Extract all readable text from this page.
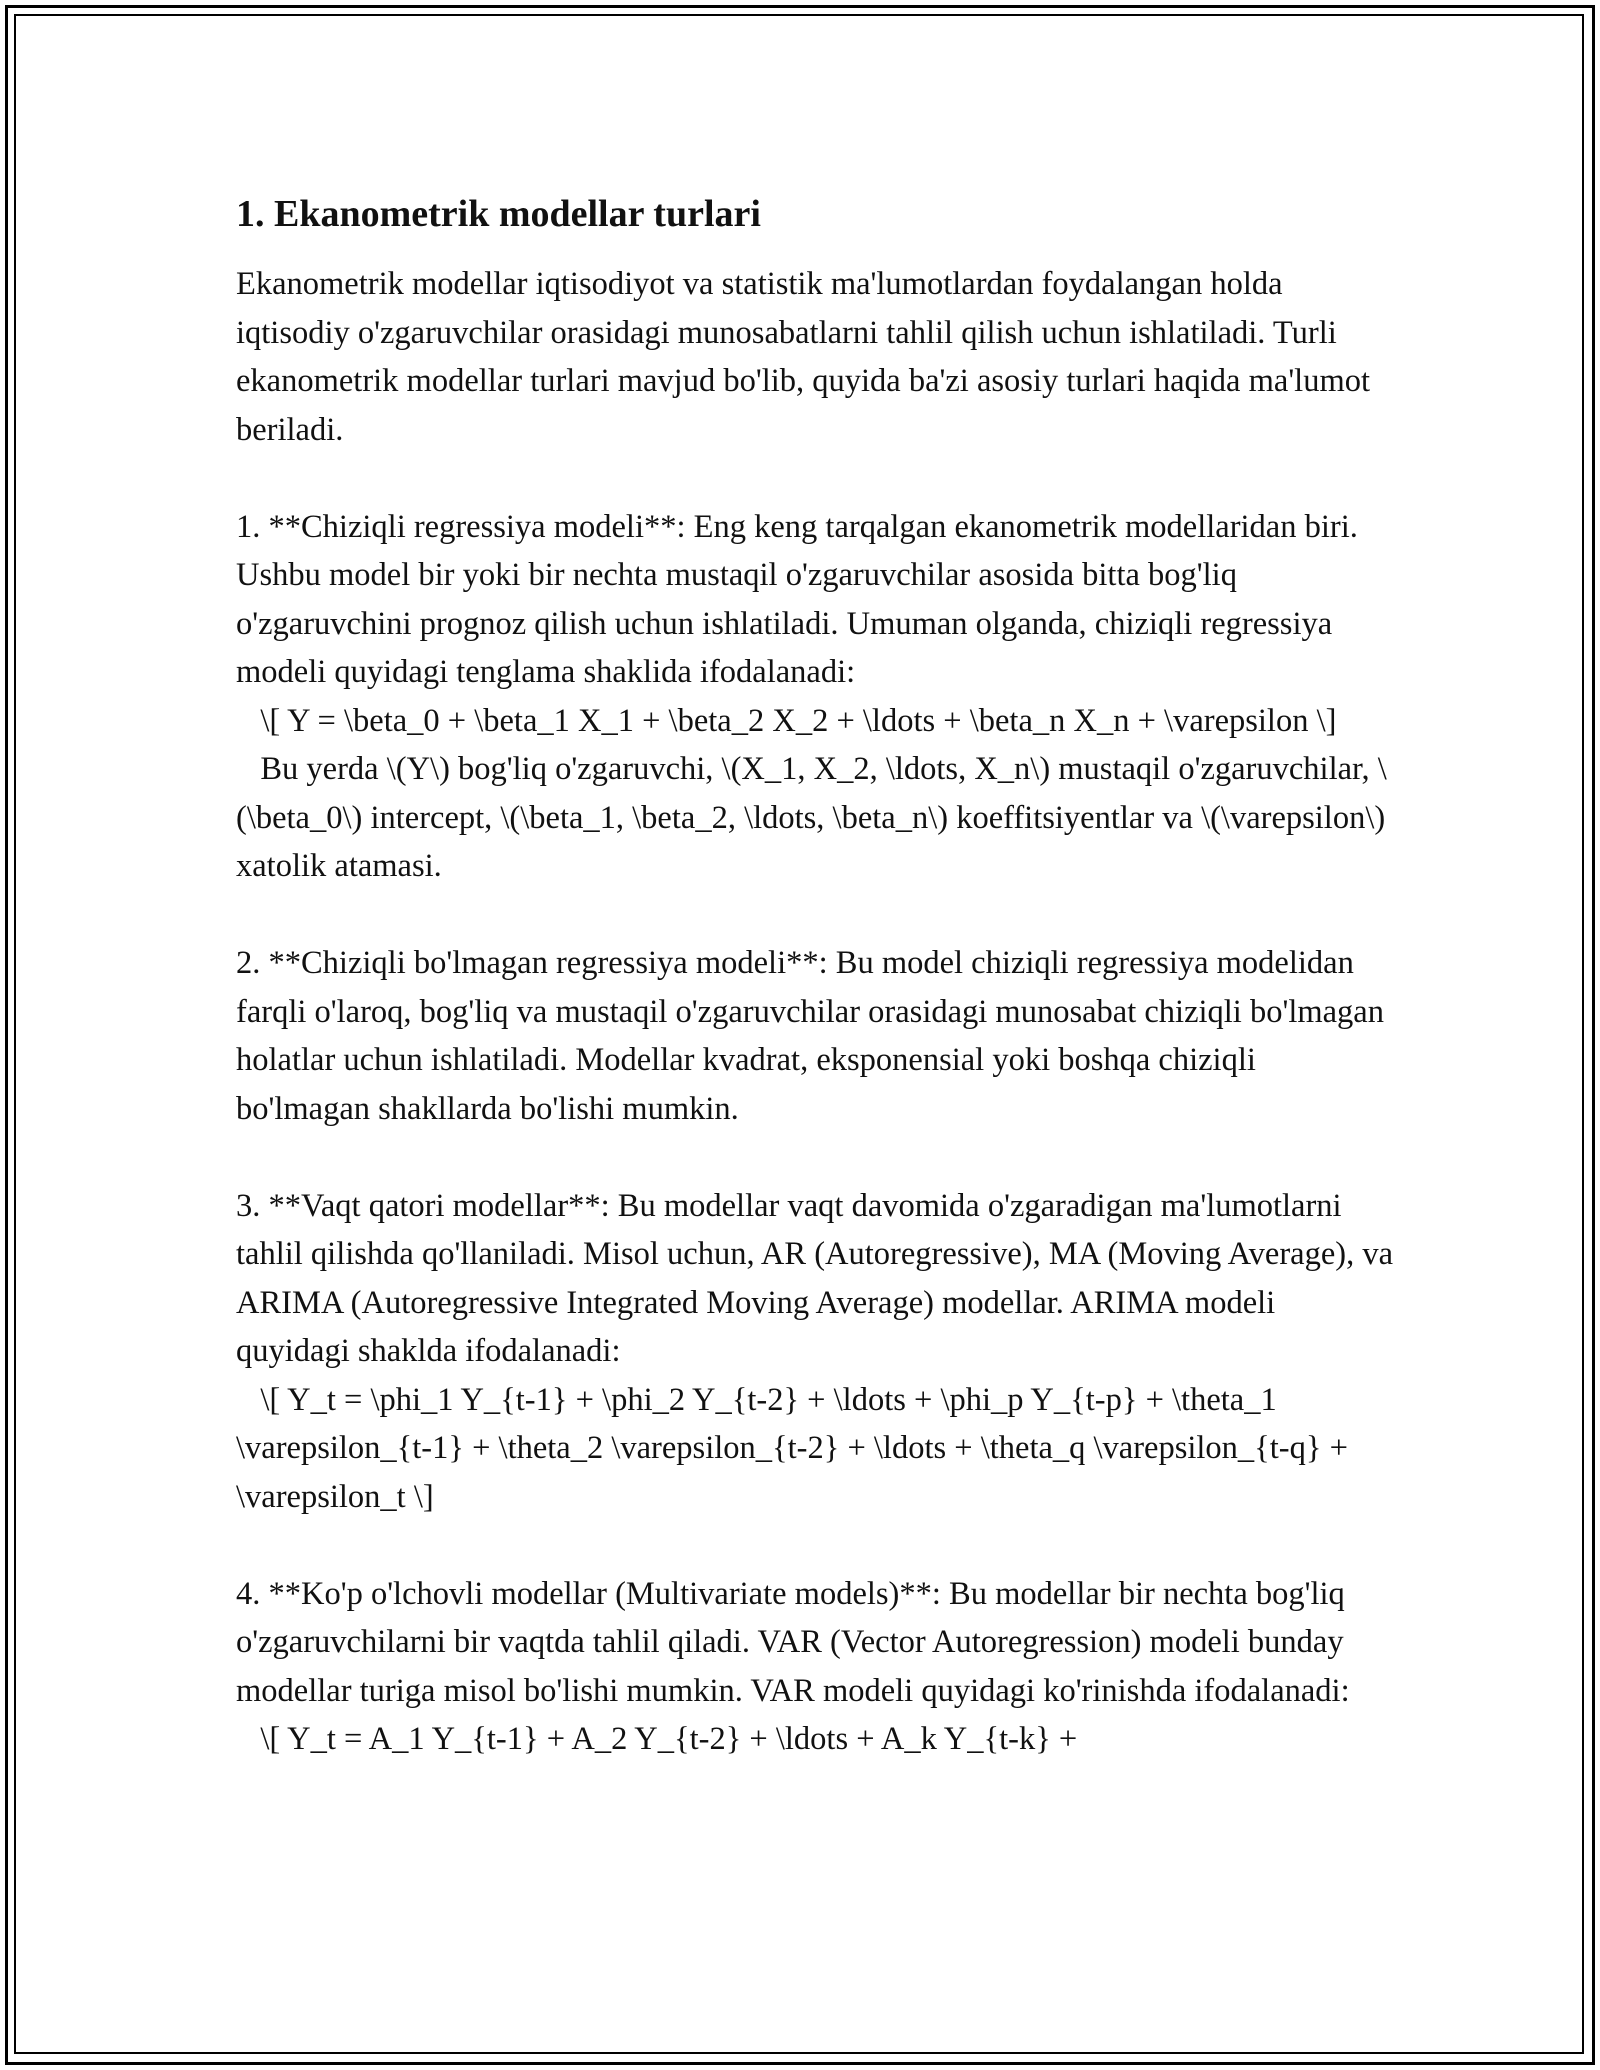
1. Ekanometrik modellar turlari

Ekanometrik modellar iqtisodiyot va statistik ma'lumotlardan foydalangan holda iqtisodiy o'zgaruvchilar orasidagi munosabatlarni tahlil qilish uchun ishlatiladi. Turli ekanometrik modellar turlari mavjud bo'lib, quyida ba'zi asosiy turlari haqida ma'lumot beriladi.

1. **Chiziqli regressiya modeli**: Eng keng tarqalgan ekanometrik modellaridan biri. Ushbu model bir yoki bir nechta mustaqil o'zgaruvchilar asosida bitta bog'liq o'zgaruvchini prognoz qilish uchun ishlatiladi. Umuman olganda, chiziqli regressiya modeli quyidagi tenglama shaklida ifodalanadi:
\[ Y = \beta_0 + \beta_1 X_1 + \beta_2 X_2 + \ldots + \beta_n X_n + \varepsilon \]
Bu yerda \(Y\) bog'liq o'zgaruvchi, \(X_1, X_2, \ldots, X_n\) mustaqil o'zgaruvchilar, \(\beta_0\) intercept, \(\beta_1, \beta_2, \ldots, \beta_n\) koeffitsiyentlar va \(\varepsilon\) xatolik atamasi.

2. **Chiziqli bo'lmagan regressiya modeli**: Bu model chiziqli regressiya modelidan farqli o'laroq, bog'liq va mustaqil o'zgaruvchilar orasidagi munosabat chiziqli bo'lmagan holatlar uchun ishlatiladi. Modellar kvadrat, eksponensial yoki boshqa chiziqli bo'lmagan shakllarda bo'lishi mumkin.

3. **Vaqt qatori modellar**: Bu modellar vaqt davomida o'zgaradigan ma'lumotlarni tahlil qilishda qo'llaniladi. Misol uchun, AR (Autoregressive), MA (Moving Average), va ARIMA (Autoregressive Integrated Moving Average) modellar. ARIMA modeli quyidagi shaklda ifodalanadi:
\[ Y_t = \phi_1 Y_{t-1} + \phi_2 Y_{t-2} + \ldots + \phi_p Y_{t-p} + \theta_1 \varepsilon_{t-1} + \theta_2 \varepsilon_{t-2} + \ldots + \theta_q \varepsilon_{t-q} + \varepsilon_t \]

4. **Ko'p o'lchovli modellar (Multivariate models)**: Bu modellar bir nechta bog'liq o'zgaruvchilarni bir vaqtda tahlil qiladi. VAR (Vector Autoregression) modeli bunday modellar turiga misol bo'lishi mumkin. VAR modeli quyidagi ko'rinishda ifodalanadi:
\[ Y_t = A_1 Y_{t-1} + A_2 Y_{t-2} + \ldots + A_k Y_{t-k} +
